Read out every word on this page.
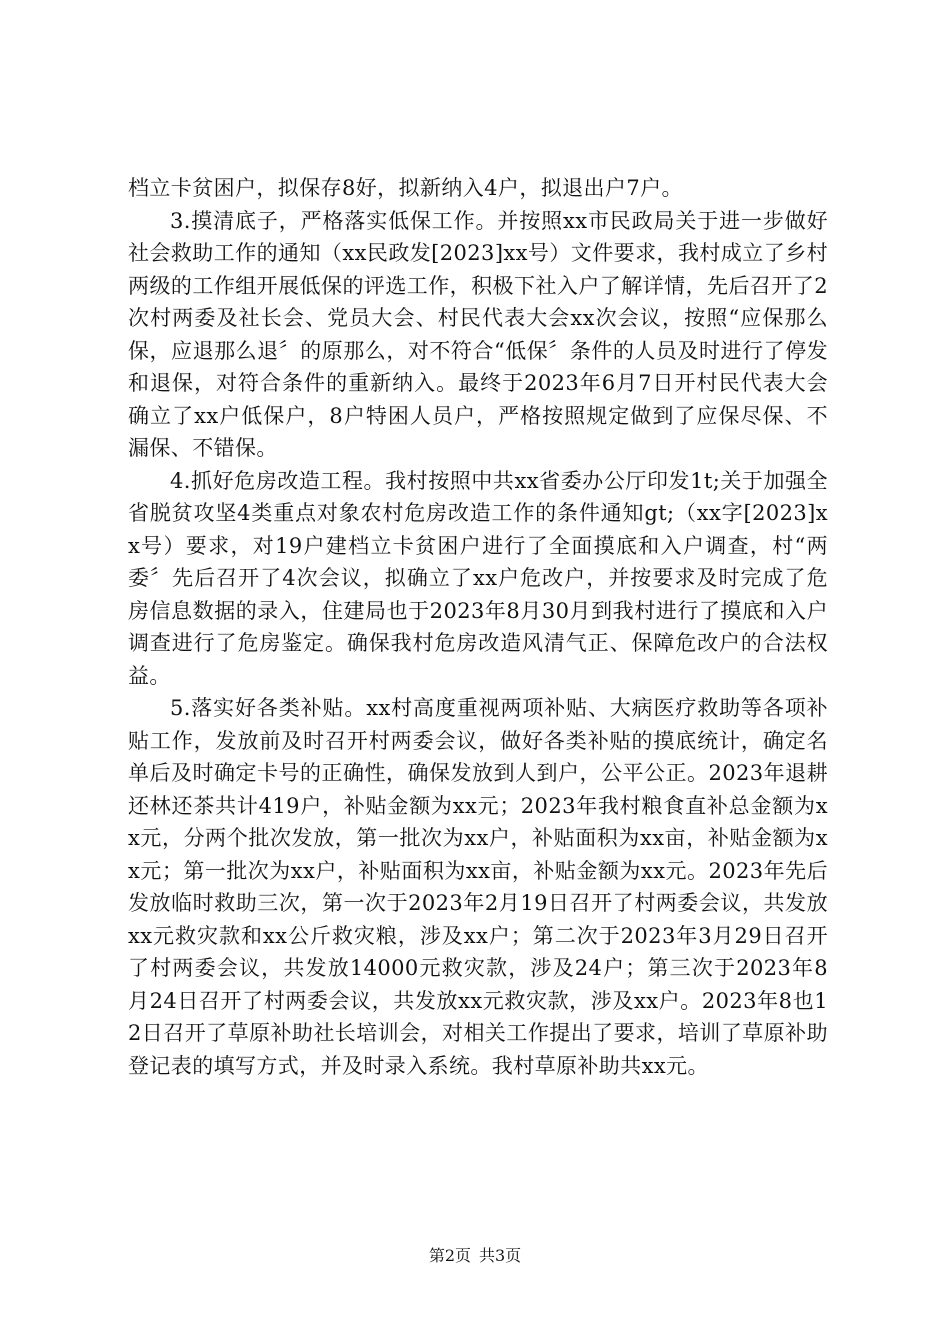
档立卡贫困户，拟保存8好，拟新纳入4户，拟退出户7户。

3.摸清底子，严格落实低保工作。并按照xx市民政局关于进一步做好社会救助工作的通知（xx民政发[2023]xx号）文件要求，我村成立了乡村两级的工作组开展低保的评选工作，积极下社入户了解详情，先后召开了2次村两委及社长会、党员大会、村民代表大会xx次会议，按照“应保那么保，应退那么退〞的原那么，对不符合“低保〞条件的人员及时进行了停发和退保，对符合条件的重新纳入。最终于2023年6月7日开村民代表大会确立了xx户低保户，8户特困人员户，严格按照规定做到了应保尽保、不漏保、不错保。

4.抓好危房改造工程。我村按照中共xx省委办公厅印发1t;关于加强全省脱贫攻坚4类重点对象农村危房改造工作的条件通知gt;（xx字[2023]xx号）要求，对19户建档立卡贫困户进行了全面摸底和入户调查，村“两委〞先后召开了4次会议，拟确立了xx户危改户，并按要求及时完成了危房信息数据的录入，住建局也于2023年8月30月到我村进行了摸底和入户调查进行了危房鉴定。确保我村危房改造风清气正、保障危改户的合法权益。

5.落实好各类补贴。xx村高度重视两项补贴、大病医疗救助等各项补贴工作，发放前及时召开村两委会议，做好各类补贴的摸底统计，确定名单后及时确定卡号的正确性，确保发放到人到户，公平公正。2023年退耕还林还茶共计419户，补贴金额为xx元；2023年我村粮食直补总金额为xx元，分两个批次发放，第一批次为xx户，补贴面积为xx亩，补贴金额为xx元；第一批次为xx户，补贴面积为xx亩，补贴金额为xx元。2023年先后发放临时救助三次，第一次于2023年2月19日召开了村两委会议，共发放xx元救灾款和xx公斤救灾粮，涉及xx户；第二次于2023年3月29日召开了村两委会议，共发放14000元救灾款，涉及24户；第三次于2023年8月24日召开了村两委会议，共发放xx元救灾款，涉及xx户。2023年8也12日召开了草原补助社长培训会，对相关工作提出了要求，培训了草原补助登记表的填写方式，并及时录入系统。我村草原补助共xx元。

第2页 共3页
